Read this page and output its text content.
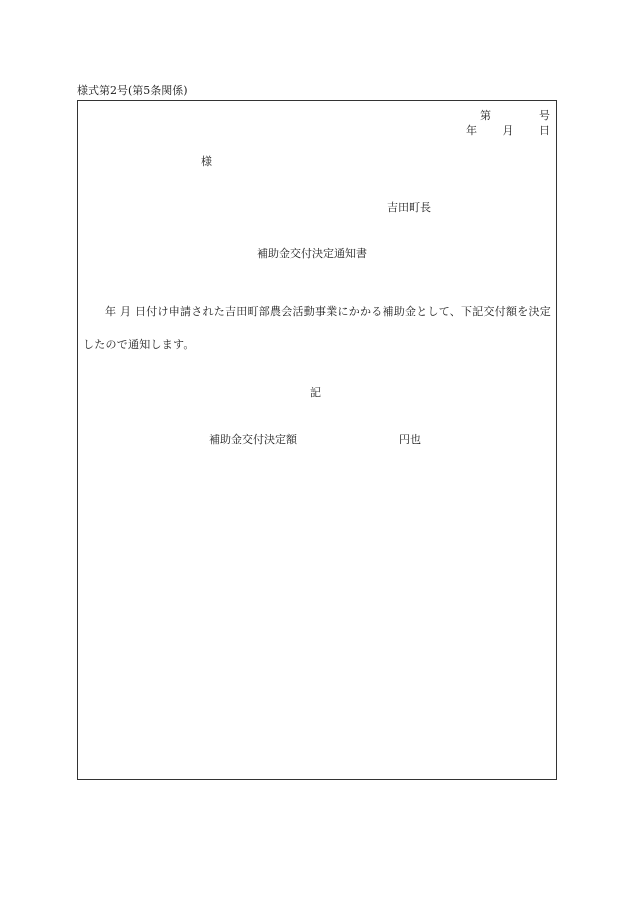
様式第2号(第5条関係)
第	号
年 月 日
様
吉田町長
補助金交付決定通知書
年 月 日付け申請された吉田町部農会活動事業にかかる補助金として、下記交付額を決定したので通知します。
記
補助金交付決定額	円也
